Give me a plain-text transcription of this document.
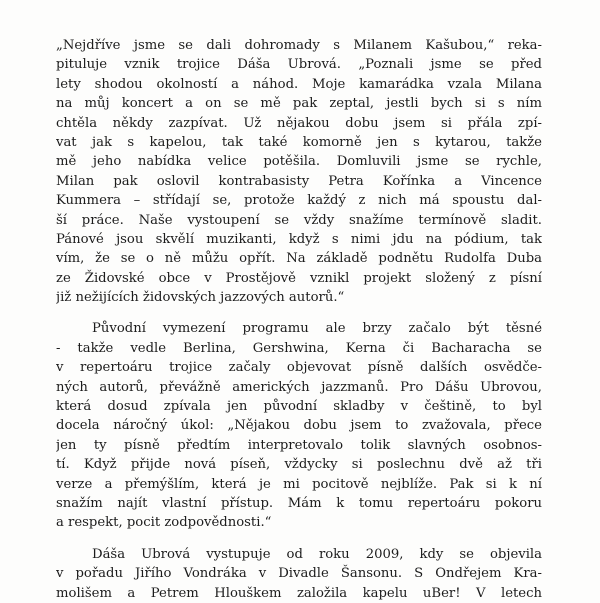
„Nejdříve jsme se dali dohromady s Milanem Kašubou,“ reka-
pituluje vznik trojice Dáša Ubrová. „Poznali jsme se před
lety shodou okolností a náhod. Moje kamarádka vzala Milana
na můj koncert a on se mě pak zeptal, jestli bych si s ním
chtěla někdy zazpívat. Už nějakou dobu jsem si přála zpí-
vat jak s kapelou, tak také komorně jen s kytarou, takže
mě jeho nabídka velice potěšila. Domluvili jsme se rychle,
Milan pak oslovil kontrabasisty Petra Kořínka a Vincence
Kummera – střídají se, protože každý z nich má spoustu dal-
ší práce. Naše vystoupení se vždy snažíme termínově sladit.
Pánové jsou skvělí muzikanti, když s nimi jdu na pódium, tak
vím, že se o ně můžu opřít. Na základě podnětu Rudolfa Duba
ze Židovské obce v Prostějově vznikl projekt složený z písní
již nežijících židovských jazzových autorů.“
Původní vymezení programu ale brzy začalo být těsné
- takže vedle Berlina, Gershwina, Kerna či Bacharacha se
v repertoáru trojice začaly objevovat písně dalších osvědče-
ných autorů, převážně amerických jazzmanů. Pro Dášu Ubrovou,
která dosud zpívala jen původní skladby v češtině, to byl
docela náročný úkol: „Nějakou dobu jsem to zvažovala, přece
jen ty písně předtím interpretovalo tolik slavných osobnos-
tí. Když přijde nová píseň, vždycky si poslechnu dvě až tři
verze a přemýšlím, která je mi pocitově nejblíže. Pak si k ní
snažím najít vlastní přístup. Mám k tomu repertoáru pokoru
a respekt, pocit zodpovědnosti.“
Dáša Ubrová vystupuje od roku 2009, kdy se objevila
v pořadu Jiřího Vondráka v Divadle Šansonu. S Ondřejem Kra-
molišem a Petrem Hlouškem založila kapelu uBer! V letech
